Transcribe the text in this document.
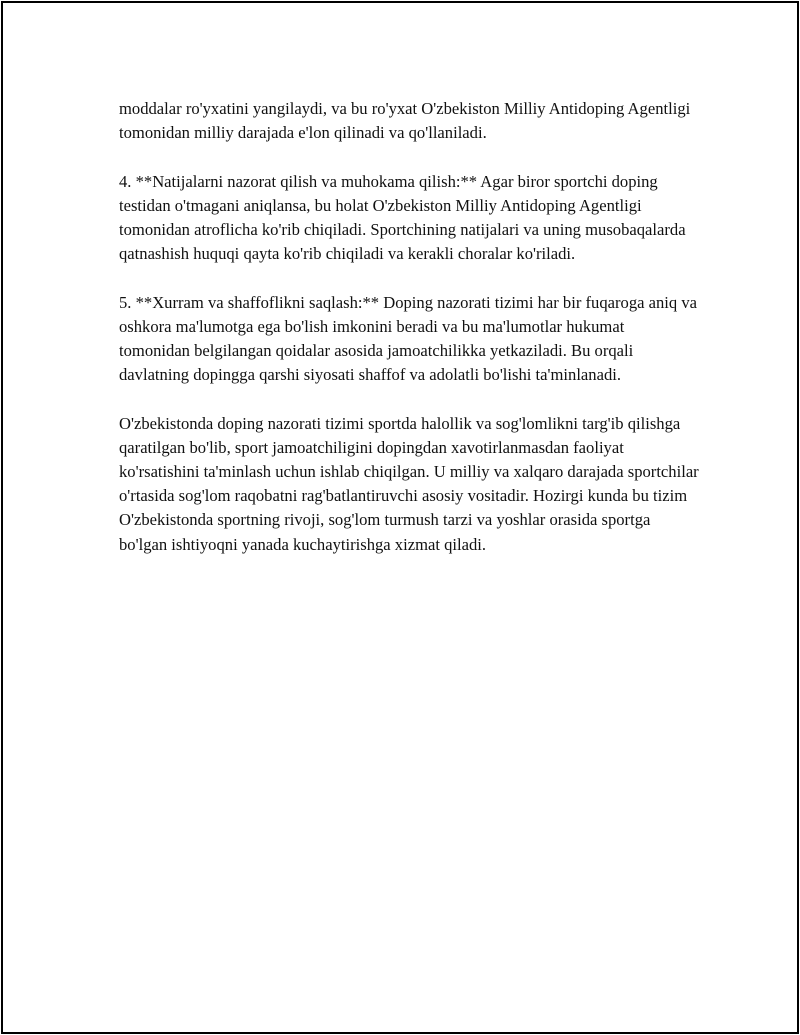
moddalar ro'yxatini yangilaydi, va bu ro'yxat O'zbekiston Milliy Antidoping Agentligi tomonidan milliy darajada e'lon qilinadi va qo'llaniladi.

4. **Natijalarni nazorat qilish va muhokama qilish:** Agar biror sportchi doping testidan o'tmagani aniqlansa, bu holat O'zbekiston Milliy Antidoping Agentligi tomonidan atroflicha ko'rib chiqiladi. Sportchining natijalari va uning musobaqalarda qatnashish huquqi qayta ko'rib chiqiladi va kerakli choralar ko'riladi.

5. **Xurram va shaffoflikni saqlash:** Doping nazorati tizimi har bir fuqaroga aniq va oshkora ma'lumotga ega bo'lish imkonini beradi va bu ma'lumotlar hukumat tomonidan belgilangan qoidalar asosida jamoatchilikka yetkaziladi. Bu orqali davlatning dopingga qarshi siyosati shaffof va adolatli bo'lishi ta'minlanadi.

O'zbekistonda doping nazorati tizimi sportda halollik va sog'lomlikni targ'ib qilishga qaratilgan bo'lib, sport jamoatchiligini dopingdan xavotirlanmasdan faoliyat ko'rsatishini ta'minlash uchun ishlab chiqilgan. U milliy va xalqaro darajada sportchilar o'rtasida sog'lom raqobatni rag'batlantiruvchi asosiy vositadir. Hozirgi kunda bu tizim O'zbekistonda sportning rivoji, sog'lom turmush tarzi va yoshlar orasida sportga bo'lgan ishtiyoqni yanada kuchaytirishga xizmat qiladi.
